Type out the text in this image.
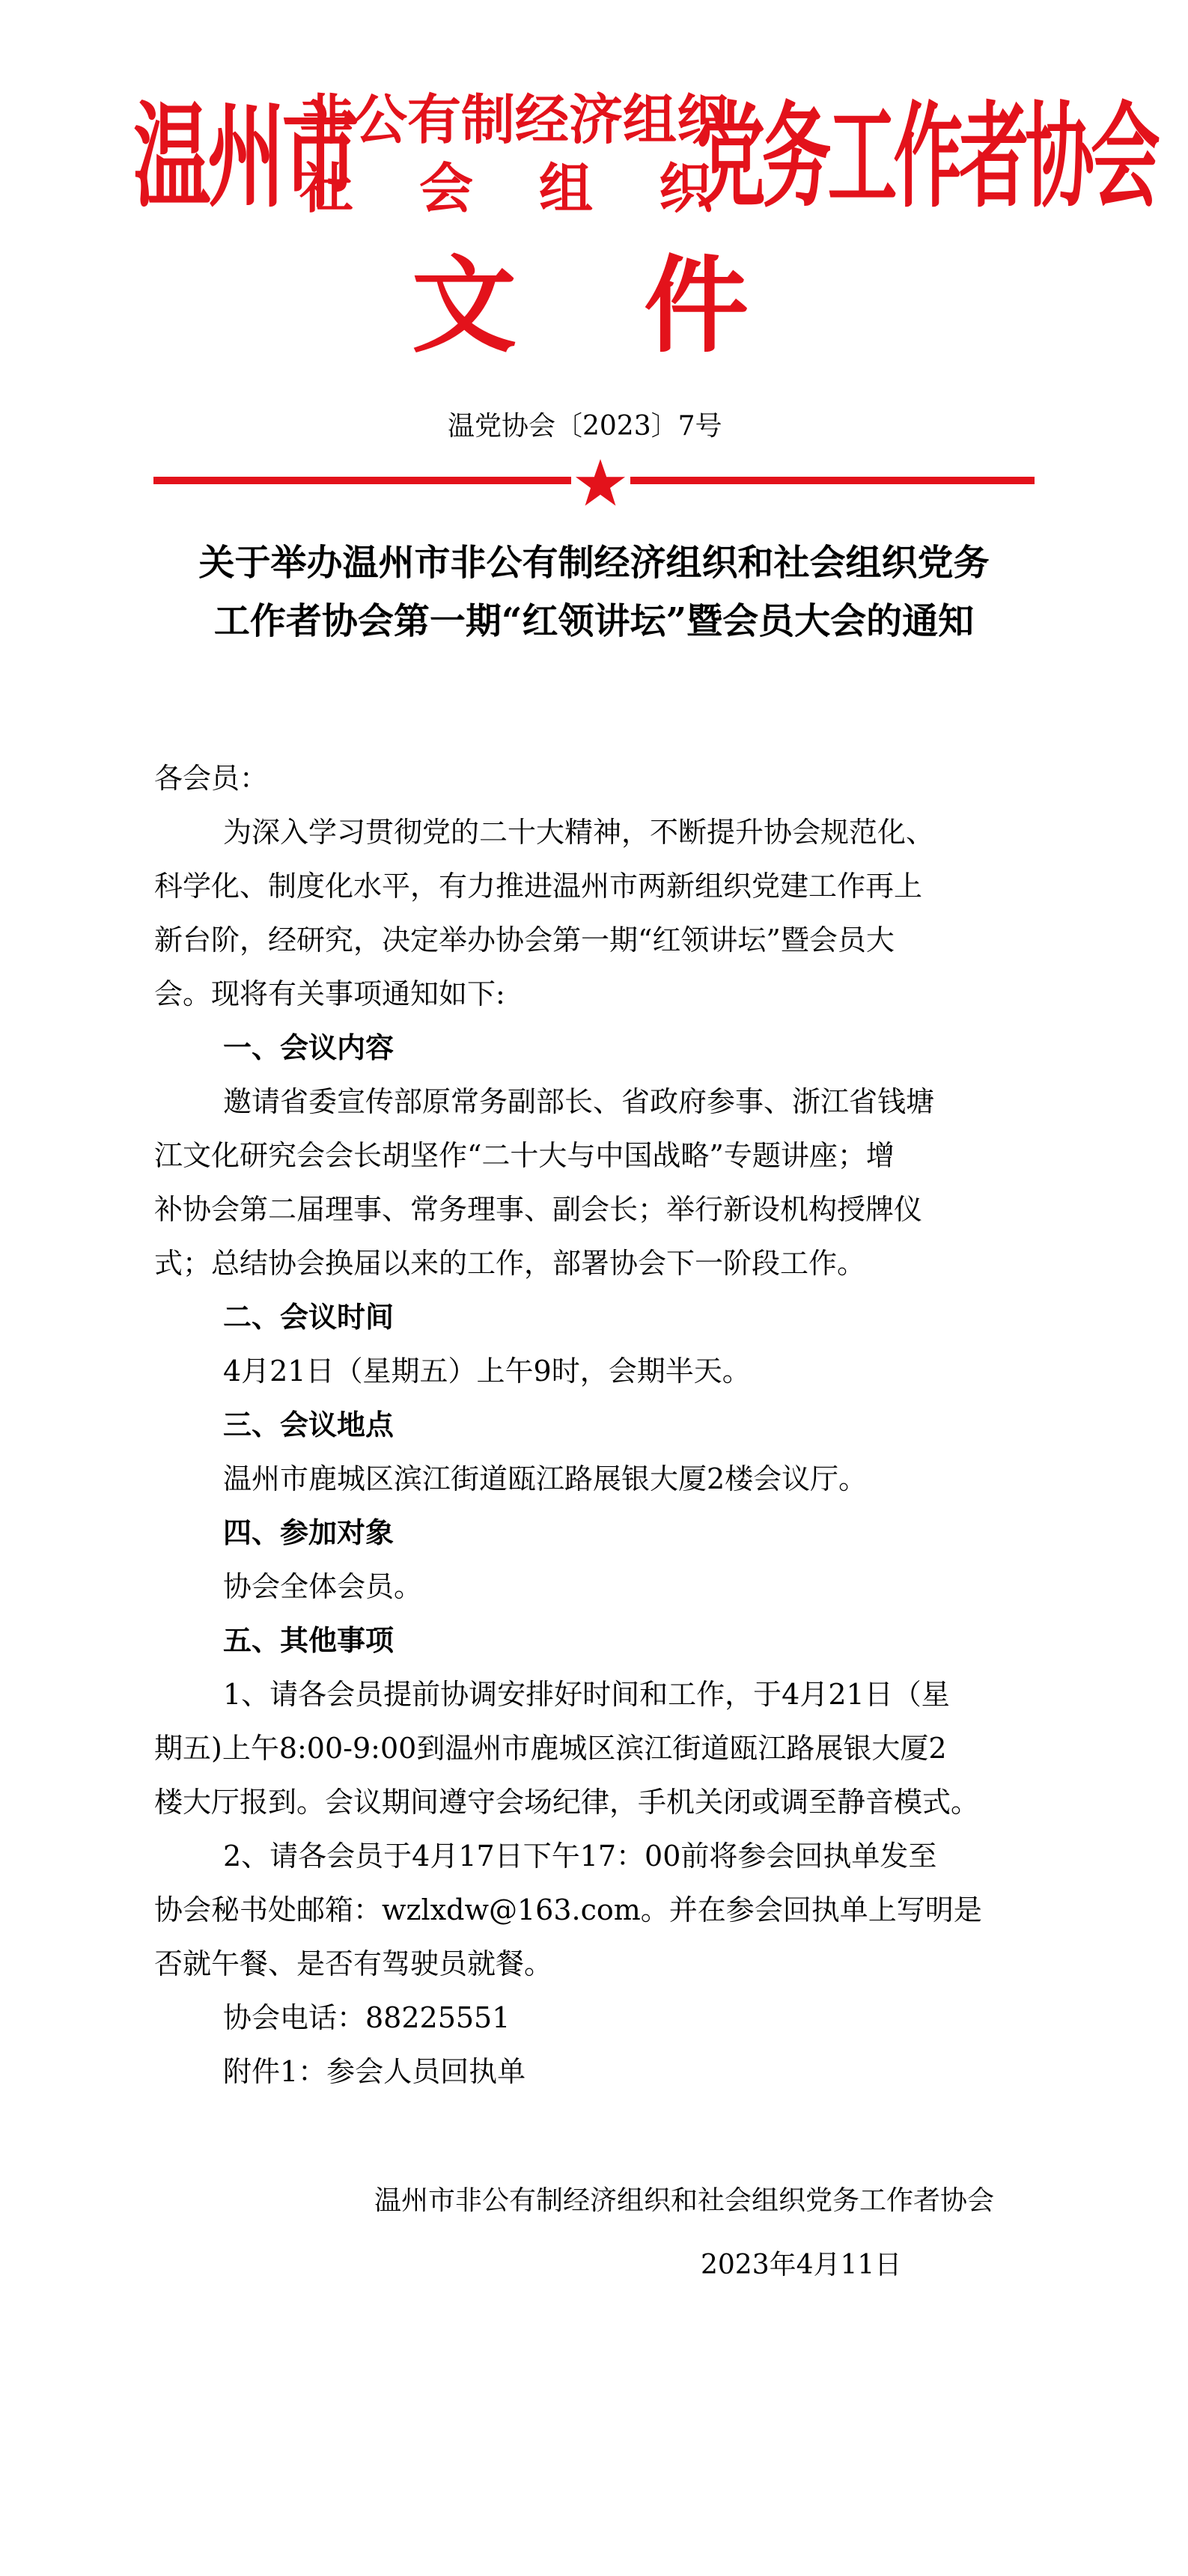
温州市
非公有制经济组织
社会组织
党务工作者协会
文件
温党协会〔2023〕7号
关于举办温州市非公有制经济组织和社会组织党务
工作者协会第一期“红领讲坛”暨会员大会的通知
各会员：
为深入学习贯彻党的二十大精神，不断提升协会规范化、
科学化、制度化水平，有力推进温州市两新组织党建工作再上
新台阶，经研究，决定举办协会第一期“红领讲坛”暨会员大
会。现将有关事项通知如下:
一、会议内容
邀请省委宣传部原常务副部长、省政府参事、浙江省钱塘
江文化研究会会长胡坚作“二十大与中国战略”专题讲座；增
补协会第二届理事、常务理事、副会长；举行新设机构授牌仪
式；总结协会换届以来的工作，部署协会下一阶段工作。
二、会议时间
4月21日（星期五）上午9时，会期半天。
三、会议地点
温州市鹿城区滨江街道瓯江路展银大厦2楼会议厅。
四、参加对象
协会全体会员。
五、其他事项
1、请各会员提前协调安排好时间和工作，于4月21日（星
期五)上午8:00-9:00到温州市鹿城区滨江街道瓯江路展银大厦2
楼大厅报到。会议期间遵守会场纪律，手机关闭或调至静音模式。
2、请各会员于4月17日下午17：00前将参会回执单发至
协会秘书处邮箱：wzlxdw@163.com。并在参会回执单上写明是
否就午餐、是否有驾驶员就餐。
协会电话：88225551
附件1：参会人员回执单
温州市非公有制经济组织和社会组织党务工作者协会
2023年4月11日
